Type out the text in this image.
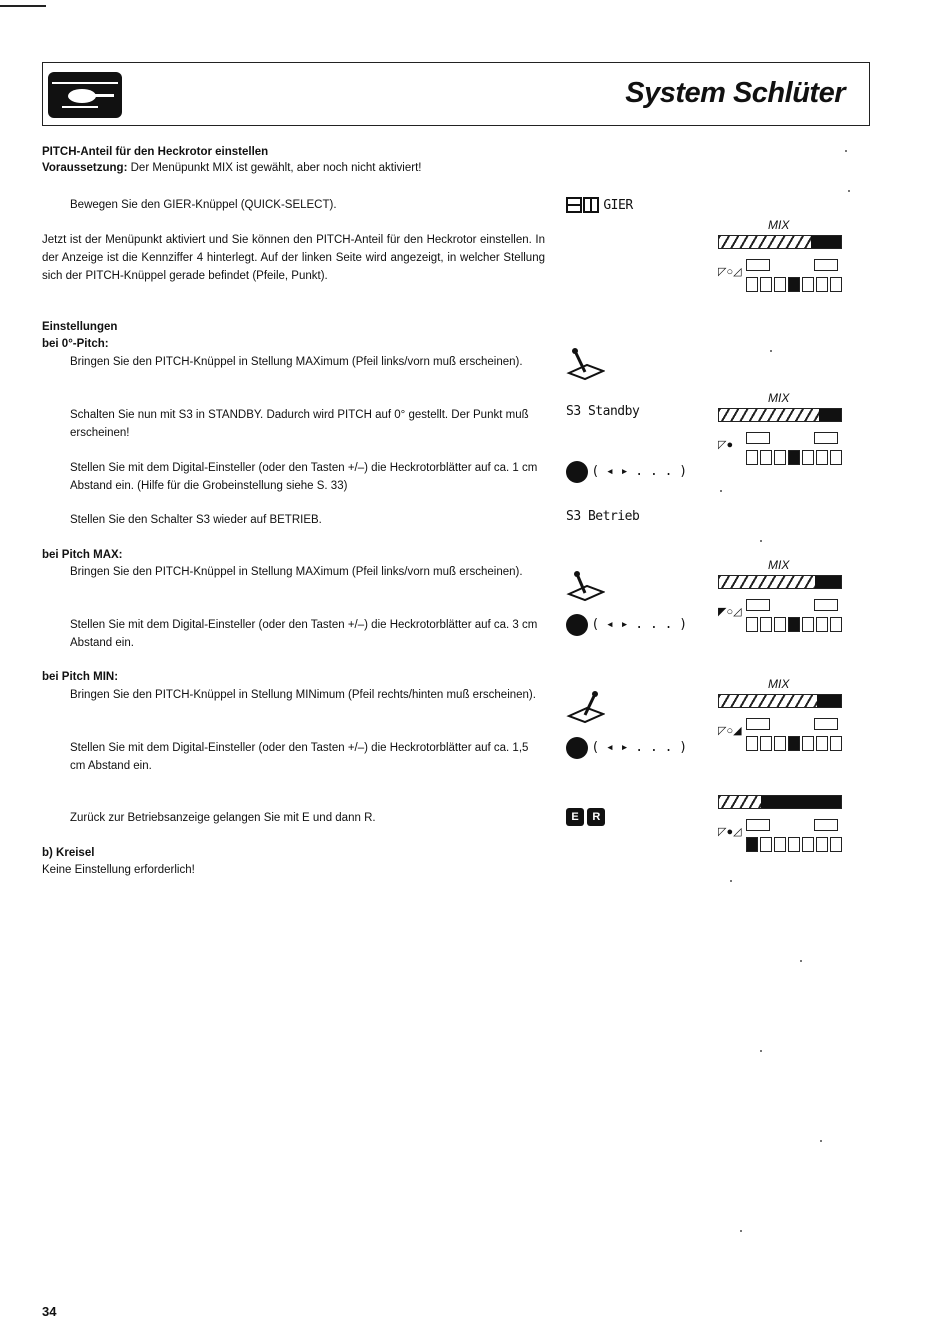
System Schlüter
PITCH-Anteil für den Heckrotor einstellen
Voraussetzung: Der Menüpunkt MIX ist gewählt, aber noch nicht aktiviert!
Bewegen Sie den GIER-Knüppel (QUICK-SELECT).	GIER
Jetzt ist der Menüpunkt aktiviert und Sie können den PITCH-Anteil für den Heckrotor einstellen. In der Anzeige ist die Kennziffer 4 hinterlegt. Auf der linken Seite wird angezeigt, in welcher Stellung sich der PITCH-Knüppel gerade befindet (Pfeile, Punkt).
MIX
◸○◿
Einstellungen
bei 0°-Pitch:
Bringen Sie den PITCH-Knüppel in Stellung MAXimum (Pfeil links/vorn muß erscheinen).
Schalten Sie nun mit S3 in STANDBY. Dadurch wird PITCH auf 0° gestellt. Der Punkt muß erscheinen!
S3 Standby
MIX
◸●
Stellen Sie mit dem Digital-Einsteller (oder den Tasten +/–) die Heckrotorblätter auf ca. 1 cm Abstand ein. (Hilfe für die Grobeinstellung siehe S. 33)
( ◂ ▸ . . . )
Stellen Sie den Schalter S3 wieder auf BETRIEB.	S3 Betrieb
bei Pitch MAX:
Bringen Sie den PITCH-Knüppel in Stellung MAXimum (Pfeil links/vorn muß erscheinen).	MIX
◤○◿
Stellen Sie mit dem Digital-Einsteller (oder den Tasten +/–) die Heckrotorblätter auf ca. 3 cm Abstand ein.
( ◂ ▸ . . . )
bei Pitch MIN:
Bringen Sie den PITCH-Knüppel in Stellung MINimum (Pfeil rechts/hinten muß erscheinen).
MIX
◸○◢
Stellen Sie mit dem Digital-Einsteller (oder den Tasten +/–) die Heckrotorblätter auf ca. 1,5 cm Abstand ein.
( ◂ ▸ . . . )
Zurück zur Betriebsanzeige gelangen Sie mit E und dann R.	E R
◸●◿
b) Kreisel
Keine Einstellung erforderlich!
34
